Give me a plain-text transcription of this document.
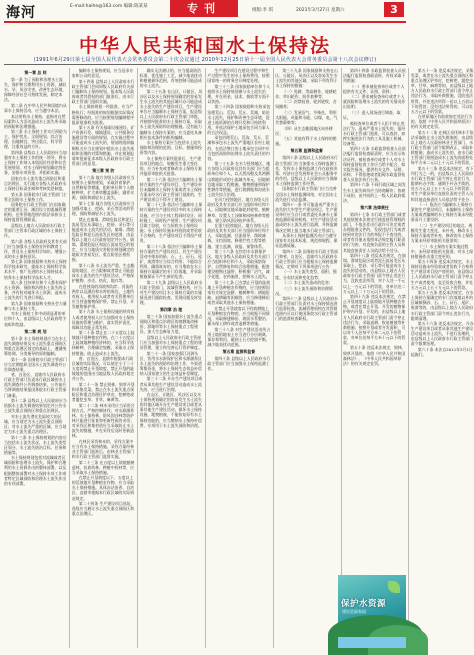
海河	E-mail:haihe@163.com 编辑:陈某某	专刊	组版:李 琪	2021年3月27日 星期六	3
中华人民共和国水土保持法
(1991年6月29日第七届全国人民代表大会常务委员会第二十次会议通过 2010年12月25日第十一届全国人民代表大会常务委员会第十八次会议修订)

第一章 总 则

第一条 为了预防和治理水土流失，保护和合理利用水土资源，减轻水、旱、风沙灾害，改善生态环境，保障经济社会可持续发展，制定本法。

第二条 在中华人民共和国境内从事水土保持活动，应当遵守本法。

本法所称水土保持，是指对自然因素和人为活动造成水土流失所采取的预防和治理措施。

第三条 水土保持工作实行预防为主、保护优先、全面规划、综合治理、因地制宜、突出重点、科学管理、注重效益的方针。

第四条 县级以上人民政府应当加强对水土保持工作的统一领导，将水土保持工作纳入本级国民经济和社会发展规划，对水土保持规划确定的任务，安排专项资金，并组织实施。

国家在水土流失重点预防区和重点治理区，实行地方各级人民政府水土保持目标责任制和考核奖惩制度。

第五条 国务院水行政主管部门主管全国的水土保持工作。

国务院水行政主管部门在国家确定的重要江河、湖泊设立的流域管理机构，在所管辖范围内依法承担水土保持监督管理职责。

县级以上地方人民政府水行政主管部门主管本行政区域的水土保持工作。

第六条 各级人民政府及其有关部门应当加强水土保持宣传和教育工作，普及水土保持科学知识，增强公众的水土保持意识。

第七条 国家鼓励和支持水土保持科学技术研究，提高水土保持科学技术水平，推广先进的水土保持技术，培养水土保持科学技术人才。

第八条 任何单位和个人都有保护水土资源、预防和治理水土流失的义务，并有权对破坏水土资源、造成水土流失的行为进行举报。

第九条 国家鼓励和支持社会力量参与水土保持工作。

对水土保持工作中成绩显著的单位和个人，由县级以上人民政府给予表彰和奖励。

第二章 规 划

第十条 水土保持规划应当在水土流失调查结果及水土流失重点预防区和重点治理区划定的基础上，遵循统筹协调、分类指导的原则编制。

第十一条 国务院水行政主管部门应当定期组织全国水土流失调查并公告调查结果。

省、自治区、直辖市人民政府水行政主管部门负责本行政区域的水土流失调查并公告调查结果，公告前应当将调查结果报国务院水行政主管部门备案。

第十二条 县级以上人民政府应当依据水土流失调查结果划定并公告水土流失重点预防区和重点治理区。

对水土流失潜在危险较大的区域，应当划定为水土流失重点预防区；对水土流失严重的区域，应当划定为水土流失重点治理区。

第十三条 水土保持规划的内容应当包括水土流失状况、水土流失类型区划分、水土流失防治目标、任务和措施等。

水土保持规划包括对流域或者区域预防和治理水土流失、保护和合理利用水土资源作出的整体部署，以及根据整体部署对水土保持专项工作或者特定区域预防和治理水土流失作出的专项部署。

编制水土保持规划，应当征求专家和公众的意见。

第十四条 县级以上人民政府水行政主管部门会同同级人民政府有关部门编制水土保持规划，报本级人民政府或者其授权的部门批准后，由水行政主管部门组织实施。

水土保持规划一经批准，应当严格执行；经批准的规划根据实际情况需要修改的，应当按照规划编制程序报原批准机关批准。

第十五条 有关基础设施建设、矿产资源开发、城镇建设、公共服务设施建设等方面的规划，在实施过程中可能造成水土流失的，规划的组织编制机关应当在规划中提出水土流失预防和治理的对策和措施，并在规划报请审批前征求本级人民政府水行政主管部门的意见。

第三章 预 防

第十六条 地方各级人民政府应当按照水土保持规划，采取封育保护、自然修复等措施，组织单位和个人植树种草，扩大林草覆盖面积，涵养水源，预防和减轻水土流失。

第十七条 地方各级人民政府应当加强对取土、挖砂、采石等活动的管理，预防和减轻水土流失。

禁止在崩塌、滑坡危险区和泥石流易发区从事取土、挖砂、采石等可能造成水土流失的活动。崩塌、滑坡危险区和泥石流易发区的范围，由县级以上地方人民政府划定并公告。崩塌、滑坡危险区和泥石流易发区的划定，应当与地质灾害防治规划确定的地质灾害易发区、重点防治区相衔接。

第十八条 水土流失严重、生态脆弱的地区，应当限制或者禁止可能造成水土流失的生产建设活动，严格保护植物、沙壳、结皮、地衣等。

在侵蚀沟的沟坡和沟岸、河流的两岸以及湖泊和水库的周边，土地所有权人、使用权人或者有关管理单位应当营造植物保护带。禁止开垦、开发植物保护带。

第十九条 水土保持设施的所有权人或者使用权人应当加强对水土保持设施的管理与维护，落实管护责任，保障其功能正常发挥。

第二十条 禁止在二十五度以上陡坡地开垦种植农作物。在二十五度以上陡坡地种植经济林的，应当科学选择树种，合理确定规模，采取水土保持措施，防止造成水土流失。

省、自治区、直辖市根据本行政区域的实际情况，可以规定小于二十五度的禁止开垦坡度。禁止开垦的陡坡地的范围由当地县级人民政府划定并公告。

第二十一条 禁止毁林、毁草开垦和采集发菜。禁止在水土流失重点预防区和重点治理区铲草皮、挖树兜或者滥挖虫草、甘草、麻黄等。

第二十二条 林木采伐应当采用合理方式，严格控制皆伐；对水源涵养林、水土保持林、防风固沙林等防护林只能进行抚育和更新性质的采伐；对采伐区和集材道应当采取防止水土流失的措施，并在采伐后及时更新造林。

在林区采伐林木的，采伐方案中应当有水土保持措施。采伐方案经林业主管部门批准后，由林业主管部门和水行政主管部门监督实施。

第二十三条 在五度以上坡地植树造林、抚育幼林、种植中药材等，应当采取水土保持措施。

在禁止开垦坡度以下、五度以上的荒坡地开垦种植农作物，应当采取水土保持措施。具体办法由省、自治区、直辖市根据本行政区域的实际情况规定。

第二十四条 生产建设项目选址、选线应当避让水土流失重点预防区和重点治理区。

确实无法避让的，应当提高防治标准，优化施工工艺，减少地表扰动和植被损坏范围，有效控制可能造成的水土流失。

第二十五条 在山区、丘陵区、风沙区以及水土保持规划确定的容易发生水土流失的其他区域开办可能造成水土流失的生产建设项目，生产建设单位应当编制水土保持方案，报县级以上人民政府水行政主管部门审批，并按照经批准的水土保持方案，采取水土流失预防和治理措施。没有能力编制水土保持方案的，应当委托具备相应技术条件的机构编制。

水土保持方案应当包括水土流失预防和治理的范围、目标、措施和投资等内容。

水土保持方案经批准后，生产建设项目的地点、规模发生重大变化的，应当补充或者修改水土保持方案并报原审批机关批准。

第二十六条 依法应当编制水土保持方案的生产建设项目，生产建设单位未编制水土保持方案或者水土保持方案未经水行政主管部门批准的，生产建设项目不得开工建设。

第二十七条 依法应当编制水土保持方案的生产建设项目中的水土保持设施，应当与主体工程同时设计、同时施工、同时投产使用；生产建设项目竣工验收，应当验收水土保持设施；水土保持设施未经验收或者验收不合格的，生产建设项目不得投产使用。

第二十八条 依法应当编制水土保持方案的生产建设项目，其生产建设活动中排弃的砂、石、土、矸石、尾矿、废渣等应当综合利用；不能综合利用，确需废弃的，应当堆放在水土保持方案确定的专门存放地，并采取措施保证不产生新的危害。

第二十九条 县级以上人民政府水行政主管部门、流域管理机构，应当对生产建设项目水土保持方案的实施情况进行跟踪检查，发现问题及时处理。

第四章 治 理

第三十条 国家加强水土流失重点预防区和重点治理区的坡耕地改梯田、淤地坝等水土保持重点工程建设，加大生态修复力度。

县级以上人民政府水行政主管部门应当加强对水土保持重点工程的建设管理，建立和完善运行管护制度。

第三十一条 国家加强江河源头区、饮用水水源保护区和水源涵养区水土流失的预防和治理工作，多渠道筹集资金，将水土保持生态效益补偿纳入国家建立的生态效益补偿制度。

第三十二条 开办生产建设项目或者从事其他生产建设活动造成水土流失的，应当进行治理。

在山区、丘陵区、风沙区以及水土保持规划确定的容易发生水土流失的其他区域开办生产建设项目或者从事其他生产建设活动，损坏水土保持设施、地貌植被，不能恢复原有水土保持功能的，应当缴纳水土保持补偿费，专项用于水土流失预防和治理。

生产建设项目在建设过程中和生产过程中发生的水土保持费用，按照国家统一的财务会计制度处理。

第三十三条 国家鼓励单位和个人按照水土保持规划参与水土流失治理，并在资金、技术、税收等方面予以扶持。

第三十四条 国家鼓励和支持承包治理荒山、荒沟、荒丘、荒滩，防治水土流失，保护和改善生态环境，促进土地资源的合理开发和可持续利用，并依法保护土地承包合同当事人的合法权益。

承包治理荒山、荒沟、荒丘、荒滩和承包水土流失严重地区农村土地的，在依法签订的土地承包合同中应当包括预防和治理水土流失责任的内容。

第三十五条 在水力侵蚀地区，地方各级人民政府及其有关部门应当组织单位和个人，以天然沟壑及其两侧山坡地形成的小流域为单元，因地制宜地采取工程措施、植物措施和保护性耕作等措施，进行坡耕地和沟道水土流失综合治理。

在风力侵蚀地区，地方各级人民政府及其有关部门应当组织单位和个人，因地制宜地采取轮封轮牧、植树种草、设置人工沙障和网格林带等措施，建立防风固沙防护体系。

在重力侵蚀地区，地方各级人民政府及其有关部门应当组织单位和个人，采取监测、径流排导、削坡减载、支挡固坡、修建拦挡工程等措施，建立监测、预报、预警体系。

第三十六条 在饮用水水源保护区，地方各级人民政府及其有关部门应当组织单位和个人，采取预防保护、自然修复和综合治理措施，配套建设植物过滤带，积极推广沼气，减少化肥、农药施用，控制水土流失。

第三十七条 已在禁止开垦的陡坡地上开垦种植农作物的，应当按照国家有关规定退耕，植树种草；耕地短缺、退耕确有困难的，应当修建梯田或者采取其他水土保持措施。

在禁止开垦坡度以下的坡耕地上开垦种植农作物的，应当根据不同情况，采取修建梯田、坡面水系整治、蓄水保土耕作或者退耕等措施。

第三十八条 对生产建设活动所占用土地的地表土应当进行分层剥离、保存和利用，做到土石方挖填平衡，减少地表扰动范围。

第五章 监测和监督

第四十条 县级以上人民政府水行政主管部门应当加强水土保持监测工作。

第三十九条 国家鼓励和支持在山区、丘陵区、风沙区以及容易发生水土流失的其他区域，采取下列有利于水土保持的措施：

（一）免耕、等高耕作、轮耕轮作、草田轮作、间作套种等；

（二）封禁抚育、轮封轮牧、舍饲圈养；

（三）发展沼气、节柴灶，利用太阳能、风能和水能，以煤、电、气代替薪柴等；

（四）从生态脆弱地区向外移民；

（五）其他有利于水土保持的措施。

第五章 监测和监督

第四十条 县级以上人民政府水行政主管部门应当加强水土保持监测工作，发挥水土保持监测工作在政府决策、经济社会发展和社会公众服务中的作用。县级以上人民政府应当保障水土保持监测工作经费。

国务院水行政主管部门应当完善全国水土保持监测网络，对全国水土流失进行动态监测。

第四十一条 对可能造成严重水土流失的大中型生产建设项目，生产建设单位应当自行或者委托具备水土保持监测资质的机构，对生产建设活动造成的水土流失进行监测，并将监测情况定期上报当地水行政主管部门。

从事水土保持监测活动应当遵守国家有关技术标准、规范和规程，保证监测质量。

第四十二条 国务院水行政主管部门和省、自治区、直辖市人民政府水行政主管部门应当根据水土保持监测情况，定期对下列事项进行公告：

（一）水土流失类型、面积、强度、分布状况和变化趋势；

（二）水土流失造成的危害；

（三）水土流失预防和治理情况。

第四十三条 县级以上人民政府水行政主管部门负责对水土保持情况进行监督检查。流域管理机构在其管辖范围内可以行使国务院水行政主管部门的监督检查职权。

第四十四条 水政监督检查人员依法履行监督检查职责时，有权采取下列措施：

（一）要求被检查单位或者个人提供有关文件、证照、资料；

（二）要求被检查单位或者个人就预防和治理水土流失的有关情况作出说明；

（三）进入现场进行调查、取证。

被检查单位或者个人拒不停止违法行为，造成严重水土流失的，报经水行政主管部门批准，可以查封、扣押实施违法行为的工具及施工机械、设备等。

第四十五条 水政监督检查人员依法履行监督检查职责时，应当出示执法证件。被检查单位或者个人对水土保持监督检查工作应当给予配合，如实报告情况，提供有关文件、证照、资料；不得拒绝或者阻碍水政监督检查人员依法执行公务。

第四十六条 不同行政区域之间发生水土流失纠纷应当协商解决；协商不成的，由共同的上一级人民政府裁决。

第六章 法律责任

第四十七条 水行政主管部门或者其他依照本法规定行使监督管理权的部门，不依法作出行政许可决定或者办理批准文件的，发现违法行为或者接到对违法行为的举报不予查处的，或者有其他未依照本法规定履行职责的行为的，对直接负责的主管人员和其他直接责任人员依法给予处分。

第四十八条 违反本法规定，在崩塌、滑坡危险区或者泥石流易发区从事取土、挖砂、采石等可能造成水土流失的活动的，由县级以上地方人民政府水行政主管部门责令停止违法行为，没收违法所得，对个人处一千元以上一万元以下的罚款，对单位处二万元以上二十万元以下的罚款。

第四十九条 违反本法规定，在禁止开垦坡度以上陡坡地开垦种植农作物，或者在禁止开垦、开发的植物保护带内开垦、开发的，由县级以上地方人民政府水行政主管部门责令停止违法行为，采取退耕、恢复植被等补救措施；按照开垦或者开发面积，可以对个人处每平方米二元以下的罚款、对单位处每平方米十元以下的罚款。

第五十条 违反本法规定，毁林、毁草开垦的，依照《中华人民共和国森林法》、《中华人民共和国草原法》的有关规定处罚。

第五十一条 违反本法规定，采集发菜，或者在水土流失重点预防区和重点治理区铲草皮、挖树兜、滥挖虫草、甘草、麻黄等的，由县级以上地方人民政府水行政主管部门责令停止违法行为，采取补救措施，没收违法所得，并处违法所得一倍以上五倍以下的罚款；没有违法所得的，可以处五万元以下的罚款。

在草原地区有前款规定违法行为的，依照《中华人民共和国草原法》的有关规定处罚。

第五十二条 在林区采伐林木不依法采取防止水土流失措施的，由县级以上地方人民政府林业主管部门、水行政主管部门责令限期改正，采取补救措施；造成水土流失的，由水行政主管部门按照造成水土流失的面积处每平方米二元以上十元以下的罚款。

第五十三条 违反本法规定，有下列行为之一的，由县级以上人民政府水行政主管部门责令停止违法行为，限期补办手续；逾期不补办手续的，处五万元以上五十万元以下的罚款；对生产建设单位直接负责的主管人员和其他直接责任人员依法给予处分：

（一）依法应当编制水土保持方案的生产建设项目，未编制水土保持方案或者编制的水土保持方案未经批准而开工建设的；

（二）生产建设项目的地点、规模发生重大变化，未补充、修改水土保持方案或者补充、修改的水土保持方案未经原审批机关批准的；

（三）水土保持方案实施过程中，未经原审批机关批准，对水土保持措施作出重大变更的。

第五十四条 违反本法规定，水土保持设施未经验收或者验收不合格将生产建设项目投产使用的，由县级以上人民政府水行政主管部门责令停止生产或者使用，直至验收合格，并处五万元以上五十万元以下的罚款。

第五十五条 违反本法规定，在水土保持方案确定的专门存放地以外的区域倾倒砂、石、土、矸石、尾矿、废渣等的，由县级以上地方人民政府水行政主管部门责令停止违法行为，限期清理。

第五十六条 违反本法规定，开办生产建设项目或者从事其他生产建设活动造成水土流失，不进行治理的，由县级以上人民政府水行政主管部门责令限期治理。

第六十条 本法自2011年3月1日起施行。

保护水资源
建设美丽家园
